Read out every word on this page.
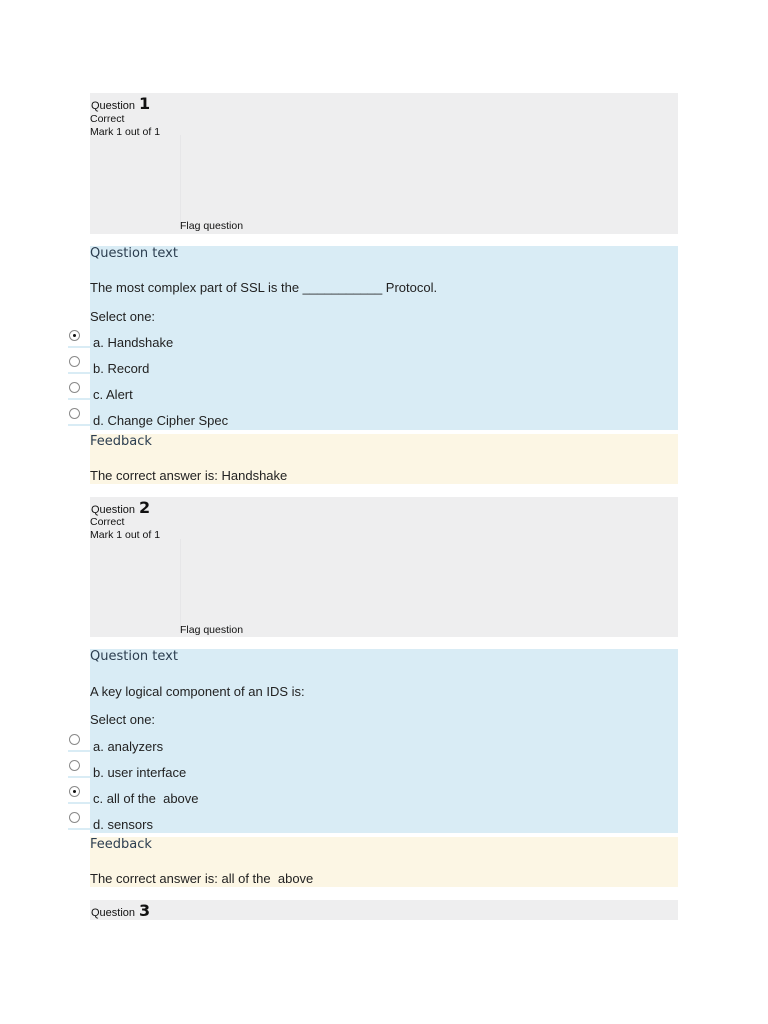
Question 1
Correct
Mark 1 out of 1
Flag question
Question text
The most complex part of SSL is the ___________ Protocol.
Select one:
a. Handshake
b. Record
c. Alert
d. Change Cipher Spec
Feedback
The correct answer is: Handshake
Question 2
Correct
Mark 1 out of 1
Flag question
Question text
A key logical component of an IDS is:
Select one:
a. analyzers
b. user interface
c. all of the  above
d. sensors
Feedback
The correct answer is: all of the  above
Question 3
